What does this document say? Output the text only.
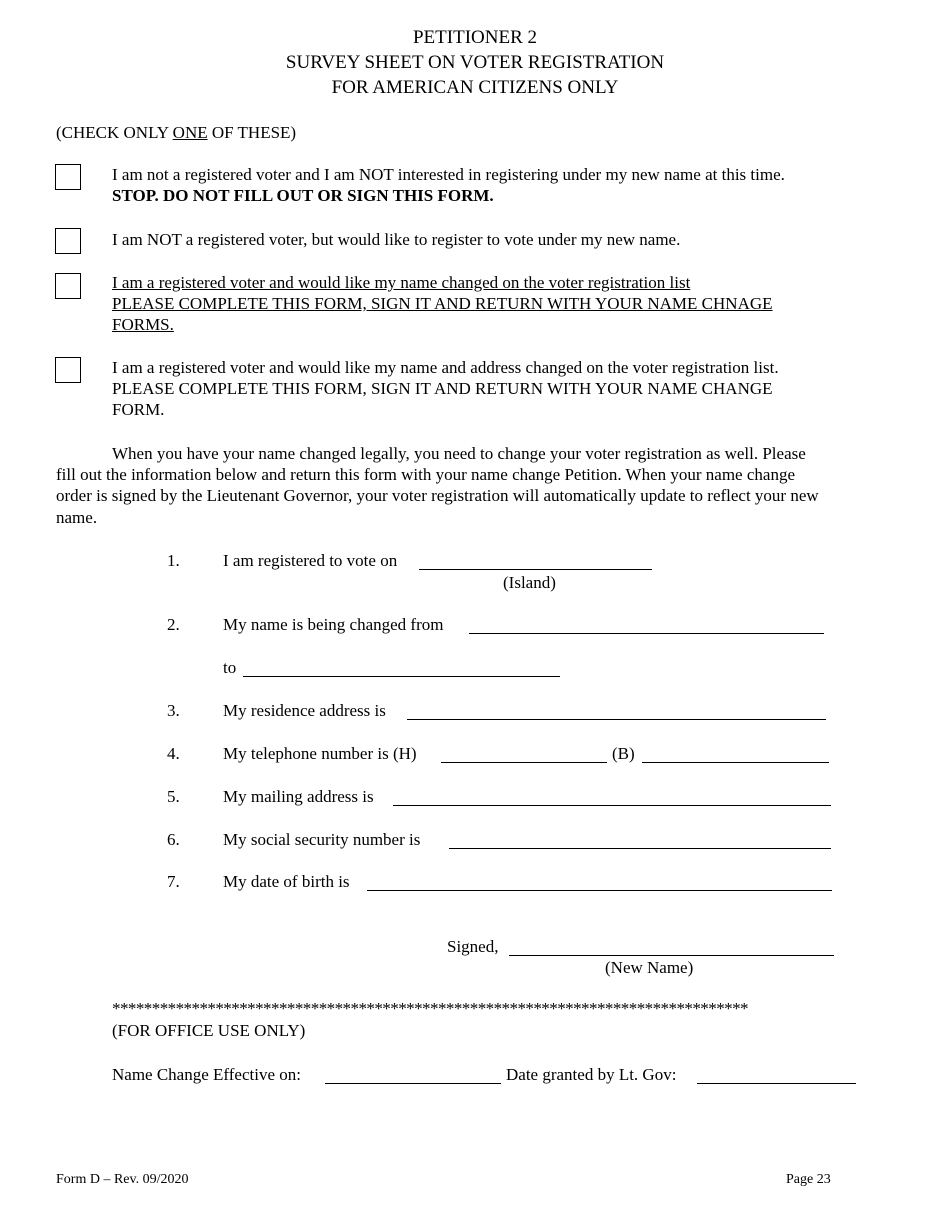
PETITIONER 2
SURVEY SHEET ON VOTER REGISTRATION
FOR AMERICAN CITIZENS ONLY
(CHECK ONLY ONE OF THESE)
I am not a registered voter and I am NOT interested in registering under my new name at this time.
STOP. DO NOT FILL OUT OR SIGN THIS FORM.
I am NOT a registered voter, but would like to register to vote under my new name.
I am a registered voter and would like my name changed on the voter registration list
PLEASE COMPLETE THIS FORM, SIGN IT AND RETURN WITH YOUR NAME CHNAGE
FORMS.
I am a registered voter and would like my name and address changed on the voter registration list.
PLEASE COMPLETE THIS FORM, SIGN IT AND RETURN WITH YOUR NAME CHANGE
FORM.
When you have your name changed legally, you need to change your voter registration as well. Please
fill out the information below and return this form with your name change Petition. When your name change
order is signed by the Lieutenant Governor, your voter registration will automatically update to reflect your new
name.
1.	I am registered to vote on
(Island)
2.	My name is being changed from
to
3.	My residence address is
4.	My telephone number is (H)	(B)
5.	My mailing address is
6.	My social security number is
7.	My date of birth is
Signed,
(New Name)
********************************************************************************
(FOR OFFICE USE ONLY)
Name Change Effective on:	Date granted by Lt. Gov:
Form D – Rev. 09/2020	Page 23
